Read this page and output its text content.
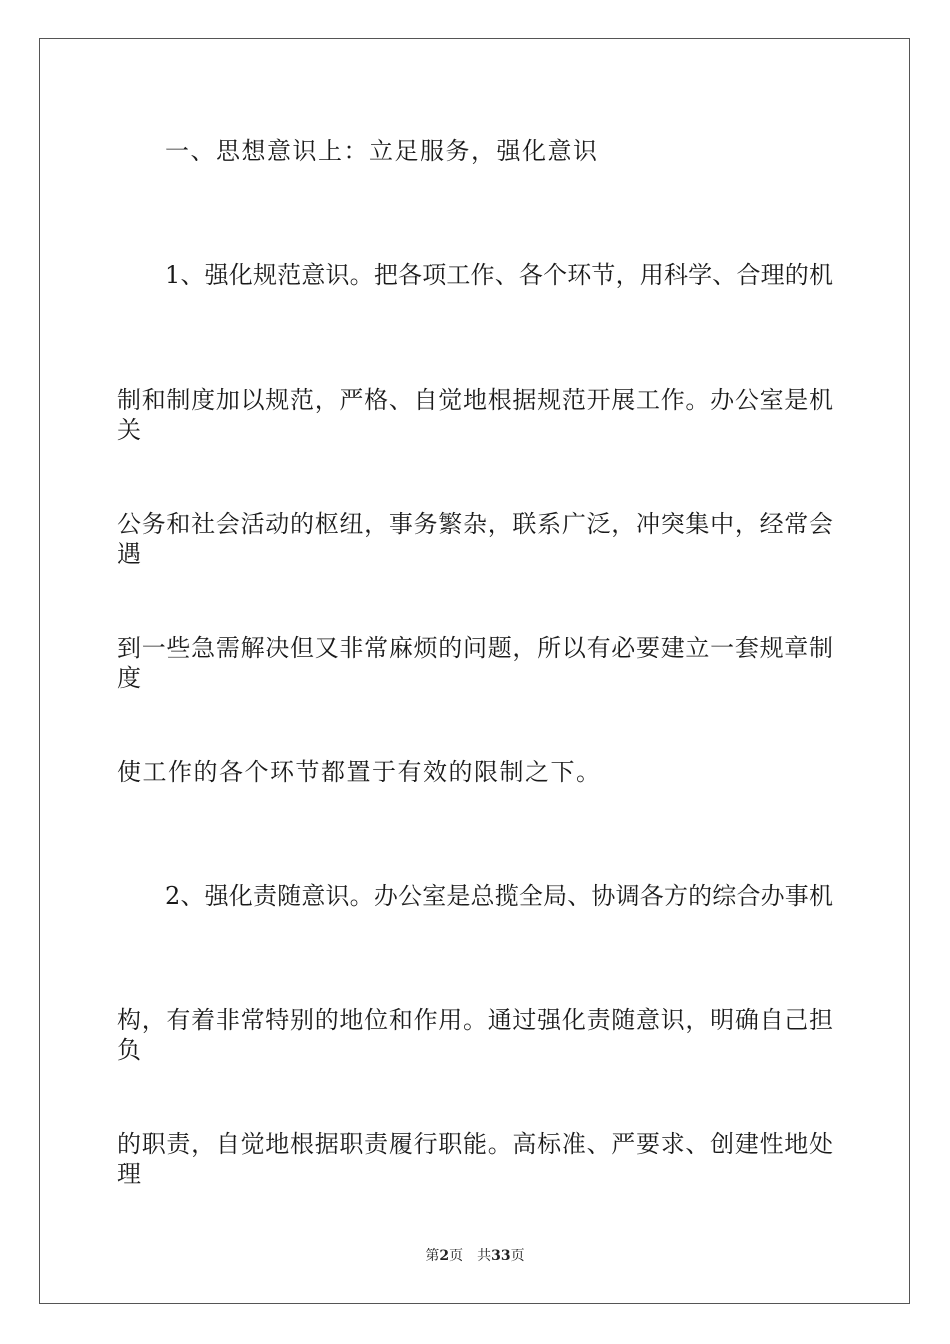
一、思想意识上：立足服务，强化意识
1、强化规范意识。把各项工作、各个环节，用科学、合理的机
制和制度加以规范，严格、自觉地根据规范开展工作。办公室是机关
公务和社会活动的枢纽，事务繁杂，联系广泛，冲突集中，经常会遇
到一些急需解决但又非常麻烦的问题，所以有必要建立一套规章制度
使工作的各个环节都置于有效的限制之下。
2、强化责随意识。办公室是总揽全局、协调各方的综合办事机
构，有着非常特别的地位和作用。通过强化责随意识，明确自己担负
的职责，自觉地根据职责履行职能。高标准、严要求、创建性地处理
第2页 共33页
